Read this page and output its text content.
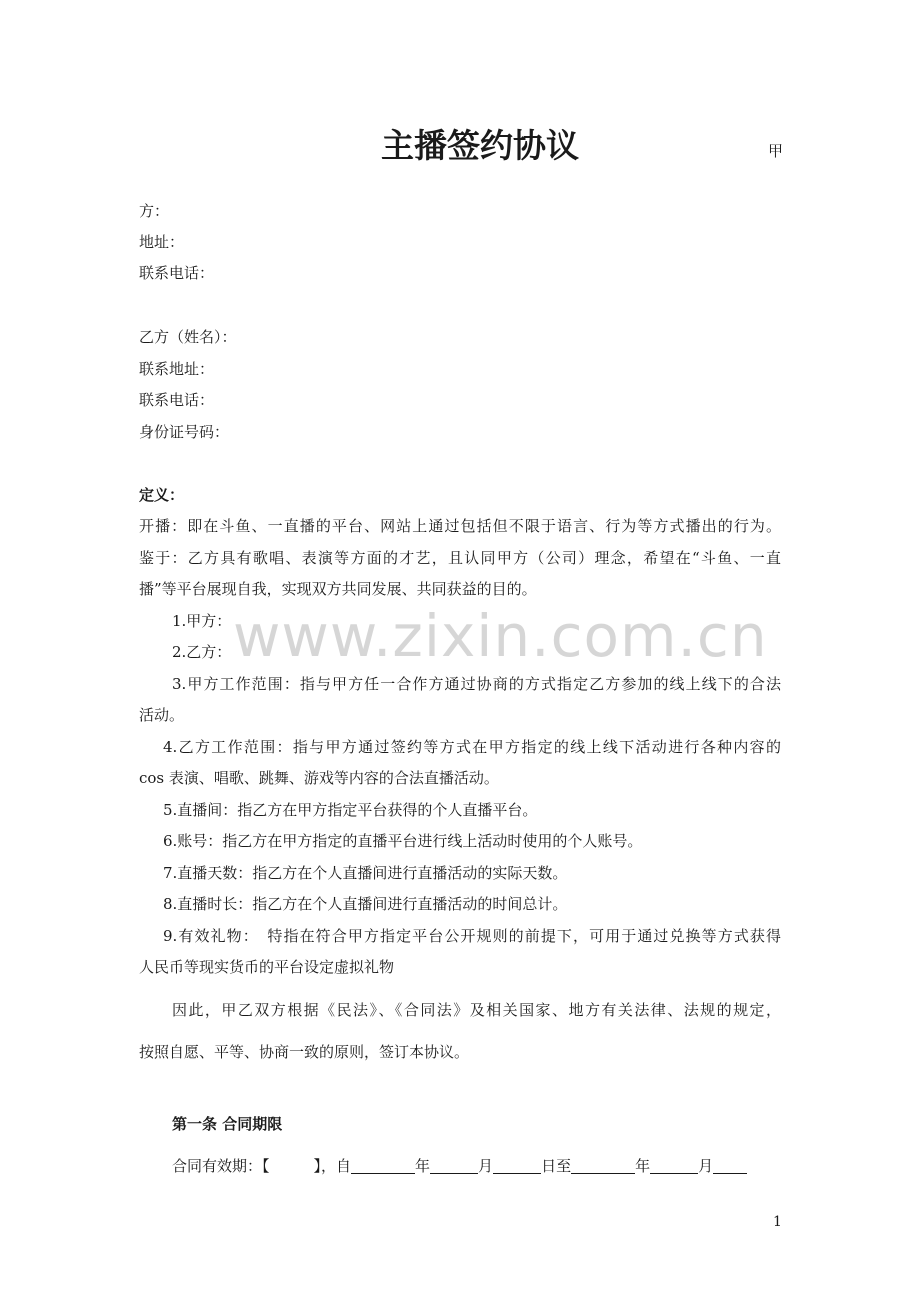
主播签约协议	甲
方：
地址：
联系电话：
乙方（姓名）：
联系地址：
联系电话：
身份证号码：
定义：
开播：即在斗鱼、一直播的平台、网站上通过包括但不限于语言、行为等方式播出的行为。
鉴于：乙方具有歌唱、表演等方面的才艺，且认同甲方（公司）理念，希望在“斗鱼、一直
播”等平台展现自我，实现双方共同发展、共同获益的目的。
1.甲方：
2.乙方：
3.甲方工作范围：指与甲方任一合作方通过协商的方式指定乙方参加的线上线下的合法
活动。
4.乙方工作范围：指与甲方通过签约等方式在甲方指定的线上线下活动进行各种内容的
cos 表演、唱歌、跳舞、游戏等内容的合法直播活动。
5.直播间：指乙方在甲方指定平台获得的个人直播平台。
6.账号：指乙方在甲方指定的直播平台进行线上活动时使用的个人账号。
7.直播天数：指乙方在个人直播间进行直播活动的实际天数。
8.直播时长：指乙方在个人直播间进行直播活动的时间总计。
9.有效礼物：　特指在符合甲方指定平台公开规则的前提下，可用于通过兑换等方式获得
人民币等现实货币的平台设定虚拟礼物
因此，甲乙双方根据《民法》、《合同法》及相关国家、地方有关法律、法规的规定，
按照自愿、平等、协商一致的原则，签订本协议。
第一条 合同期限
合同有效期：【	】，自	年	月	日至	年	月
www.zixin.com.cn
1
